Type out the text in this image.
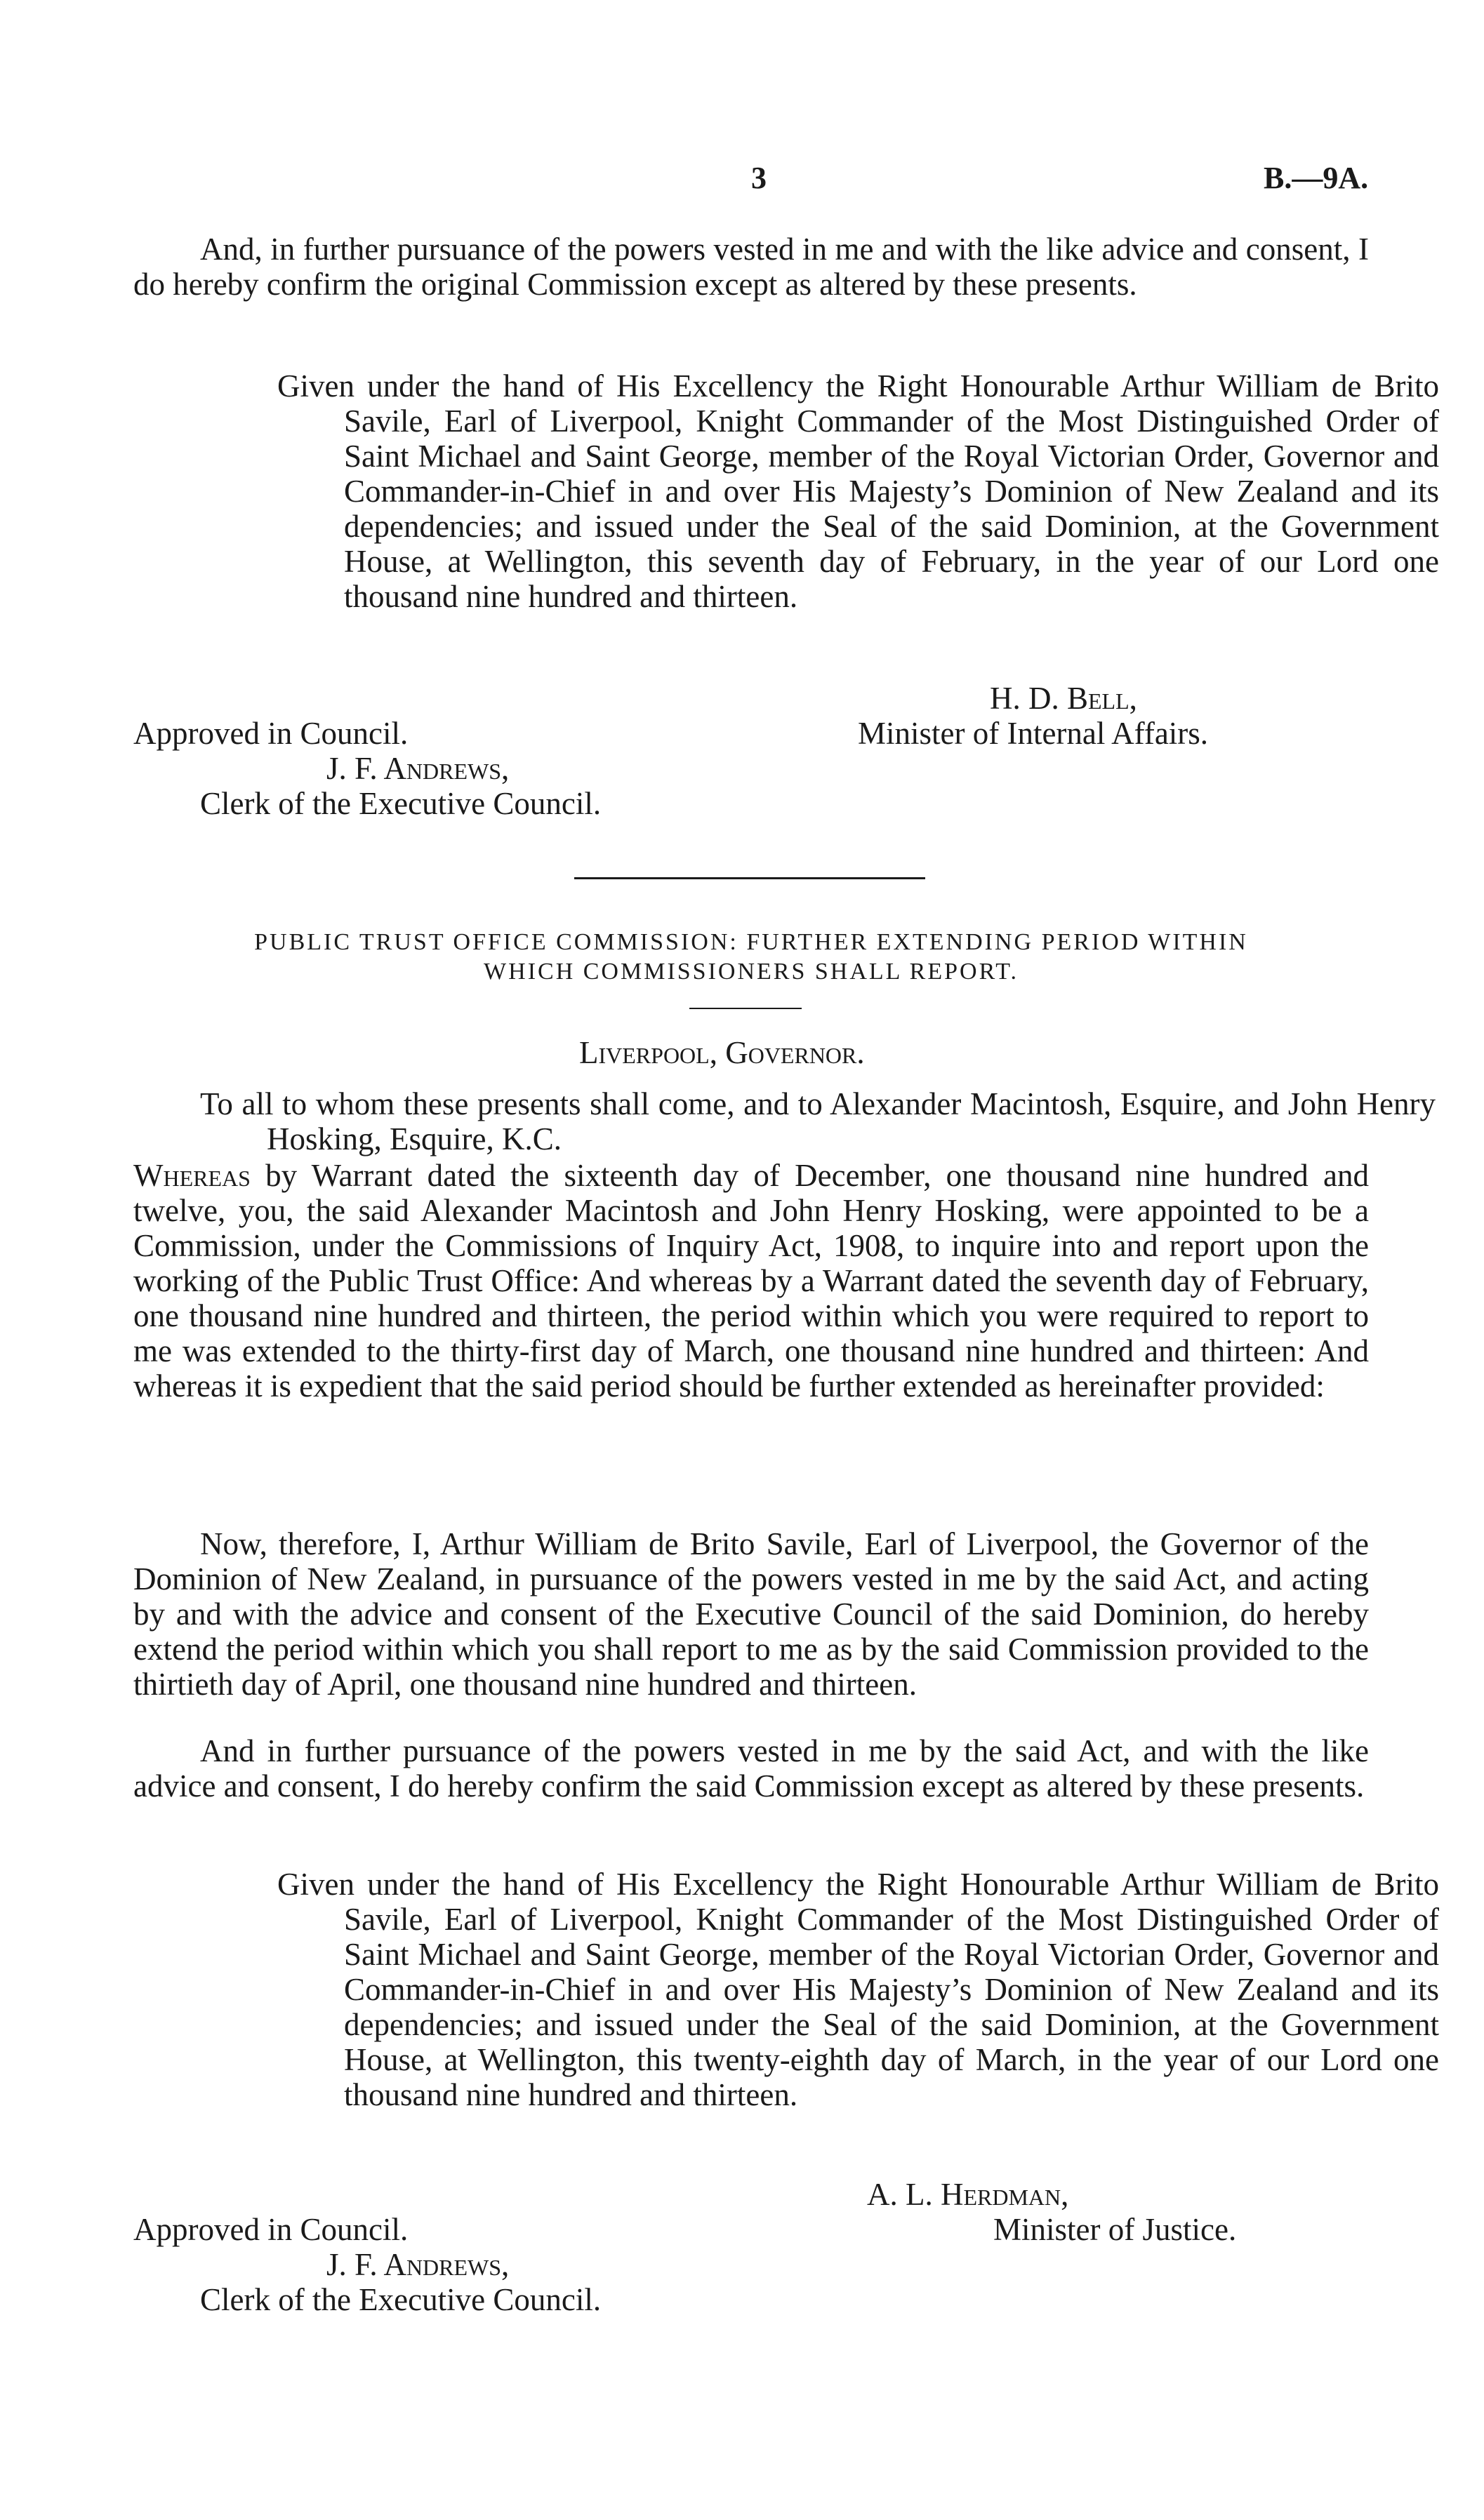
3	B.—9A.
And, in further pursuance of the powers vested in me and with the like advice and consent, I do hereby confirm the original Commission except as altered by these presents.
Given under the hand of His Excellency the Right Honourable Arthur William de Brito Savile, Earl of Liverpool, Knight Commander of the Most Distinguished Order of Saint Michael and Saint George, member of the Royal Victorian Order, Governor and Commander-in-Chief in and over His Majesty’s Dominion of New Zealand and its dependencies; and issued under the Seal of the said Dominion, at the Government House, at Wellington, this seventh day of February, in the year of our Lord one thousand nine hundred and thirteen.
H. D. Bell,
Approved in Council.	Minister of Internal Affairs.
J. F. Andrews,
Clerk of the Executive Council.
PUBLIC TRUST OFFICE COMMISSION: FURTHER EXTENDING PERIOD WITHIN
WHICH COMMISSIONERS SHALL REPORT.
Liverpool, Governor.
To all to whom these presents shall come, and to Alexander Macintosh, Esquire, and John Henry Hosking, Esquire, K.C.
Whereas by Warrant dated the sixteenth day of December, one thousand nine hundred and twelve, you, the said Alexander Macintosh and John Henry Hosking, were appointed to be a Commission, under the Commissions of Inquiry Act, 1908, to inquire into and report upon the working of the Public Trust Office: And whereas by a Warrant dated the seventh day of February, one thousand nine hundred and thirteen, the period within which you were required to report to me was extended to the thirty-first day of March, one thousand nine hundred and thirteen: And whereas it is expedient that the said period should be further extended as hereinafter provided:
Now, therefore, I, Arthur William de Brito Savile, Earl of Liverpool, the Governor of the Dominion of New Zealand, in pursuance of the powers vested in me by the said Act, and acting by and with the advice and consent of the Executive Council of the said Dominion, do hereby extend the period within which you shall report to me as by the said Commission provided to the thirtieth day of April, one thousand nine hundred and thirteen.
And in further pursuance of the powers vested in me by the said Act, and with the like advice and consent, I do hereby confirm the said Commission except as altered by these presents.
Given under the hand of His Excellency the Right Honourable Arthur William de Brito Savile, Earl of Liverpool, Knight Commander of the Most Distinguished Order of Saint Michael and Saint George, member of the Royal Victorian Order, Governor and Commander-in-Chief in and over His Majesty’s Dominion of New Zealand and its dependencies; and issued under the Seal of the said Dominion, at the Government House, at Wellington, this twenty-eighth day of March, in the year of our Lord one thousand nine hundred and thirteen.
A. L. Herdman,
Approved in Council.	Minister of Justice.
J. F. Andrews,
Clerk of the Executive Council.
